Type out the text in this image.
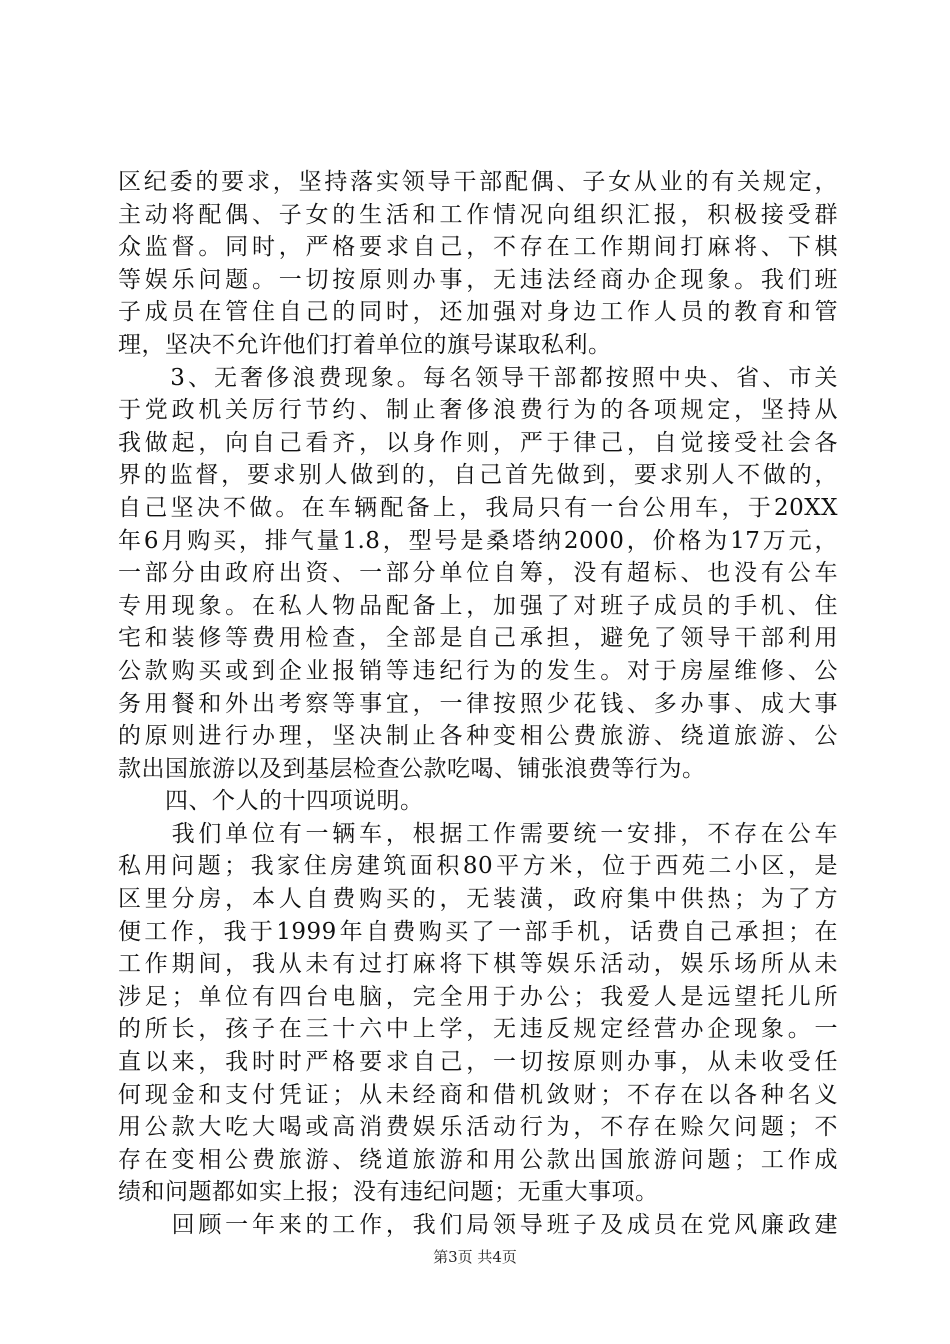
区纪委的要求，坚持落实领导干部配偶、子女从业的有关规定，
主动将配偶、子女的生活和工作情况向组织汇报，积极接受群
众监督。同时，严格要求自己，不存在工作期间打麻将、下棋
等娱乐问题。一切按原则办事，无违法经商办企现象。我们班
子成员在管住自己的同时，还加强对身边工作人员的教育和管
理，坚决不允许他们打着单位的旗号谋取私利。
　　3、无奢侈浪费现象。每名领导干部都按照中央、省、市关
于党政机关厉行节约、制止奢侈浪费行为的各项规定，坚持从
我做起，向自己看齐，以身作则，严于律己，自觉接受社会各
界的监督，要求别人做到的，自己首先做到，要求别人不做的，
自己坚决不做。在车辆配备上，我局只有一台公用车，于20XX
年6月购买，排气量1.8，型号是桑塔纳2000，价格为17万元，
一部分由政府出资、一部分单位自筹，没有超标、也没有公车
专用现象。在私人物品配备上，加强了对班子成员的手机、住
宅和装修等费用检查，全部是自己承担，避免了领导干部利用
公款购买或到企业报销等违纪行为的发生。对于房屋维修、公
务用餐和外出考察等事宜，一律按照少花钱、多办事、成大事
的原则进行办理，坚决制止各种变相公费旅游、绕道旅游、公
款出国旅游以及到基层检查公款吃喝、铺张浪费等行为。
　　四、个人的十四项说明。
　　我们单位有一辆车，根据工作需要统一安排，不存在公车
私用问题；我家住房建筑面积80平方米，位于西苑二小区，是
区里分房，本人自费购买的，无装潢，政府集中供热；为了方
便工作，我于1999年自费购买了一部手机，话费自己承担；在
工作期间，我从未有过打麻将下棋等娱乐活动，娱乐场所从未
涉足；单位有四台电脑，完全用于办公；我爱人是远望托儿所
的所长，孩子在三十六中上学，无违反规定经营办企现象。一
直以来，我时时严格要求自己，一切按原则办事，从未收受任
何现金和支付凭证；从未经商和借机敛财；不存在以各种名义
用公款大吃大喝或高消费娱乐活动行为，不存在赊欠问题；不
存在变相公费旅游、绕道旅游和用公款出国旅游问题；工作成
绩和问题都如实上报；没有违纪问题；无重大事项。
　　回顾一年来的工作，我们局领导班子及成员在党风廉政建
第3页 共4页
